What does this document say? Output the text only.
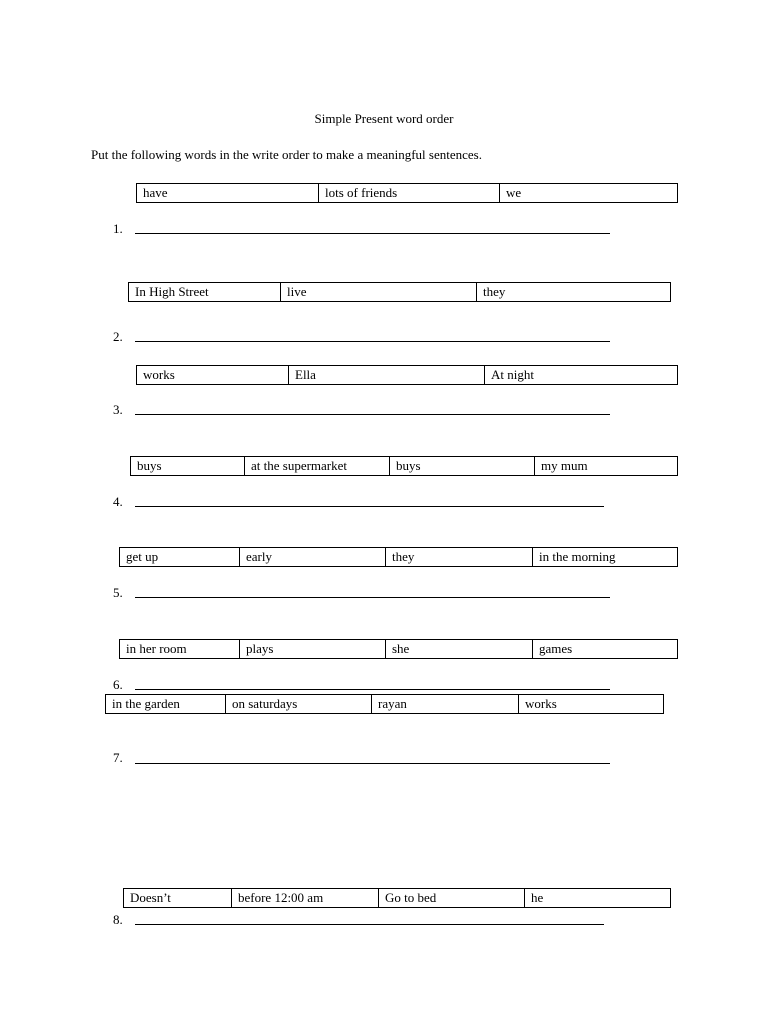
Simple Present word order
Put the following words in the write order to make a meaningful sentences.
have	lots of friends	we
1.
In High Street	live	they
2.
works	Ella	At night
3.
buys	at the supermarket	buys	my mum
4.
get up	early	they	in the morning
5.
in her room	plays	she	games
6.
in the garden	on saturdays	rayan	works
7.
Doesn’t	before 12:00 am	Go to bed	he
8.
